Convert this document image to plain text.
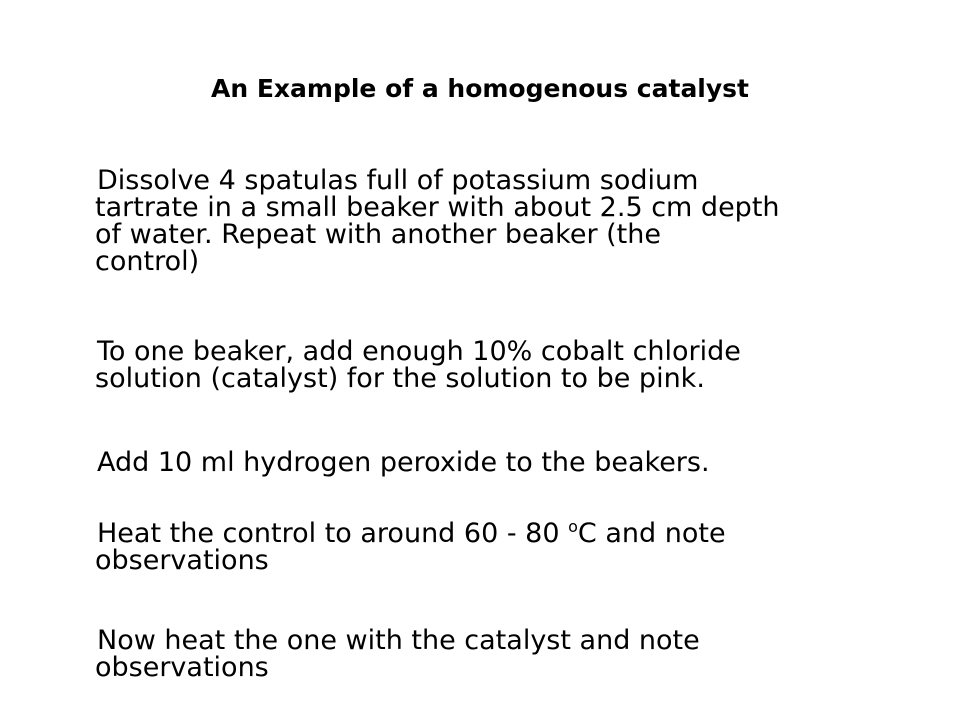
An Example of a homogenous catalyst
Dissolve 4 spatulas full of potassium sodium
tartrate in a small beaker with about 2.5 cm depth
of water. Repeat with another beaker (the
control)
To one beaker, add enough 10% cobalt chloride
solution (catalyst) for the solution to be pink.
Add 10 ml hydrogen peroxide to the beakers.
Heat the control to around 60 - 80 $^o$C and note
observations
Now heat the one with the catalyst and note
observations
